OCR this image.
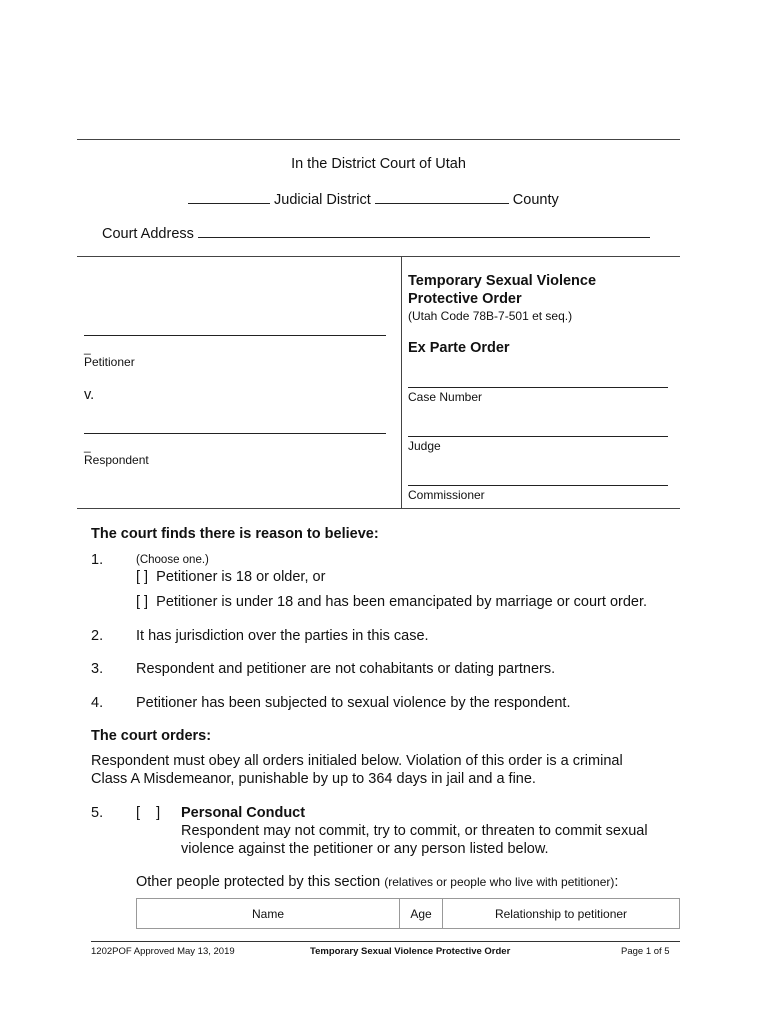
In the District Court of Utah
Judicial District	County
Court Address
_
Petitioner
v.
_
Respondent
Temporary Sexual Violence
Protective Order
(Utah Code 78B-7-501 et seq.)
Ex Parte Order
Case Number
Judge
Commissioner
The court finds there is reason to believe:
1.	(Choose one.)
[ ]  Petitioner is 18 or older, or
[ ]  Petitioner is under 18 and has been emancipated by marriage or court order.
2. It has jurisdiction over the parties in this case.
3. Respondent and petitioner are not cohabitants or dating partners.
4. Petitioner has been subjected to sexual violence by the respondent.
The court orders:
Respondent must obey all orders initialed below. Violation of this order is a criminal
Class A Misdemeanor, punishable by up to 364 days in jail and a fine.
5. [    ] Personal Conduct
Respondent may not commit, try to commit, or threaten to commit sexual
violence against the petitioner or any person listed below.
Other people protected by this section (relatives or people who live with petitioner):
Name	Age	Relationship to petitioner
1202POF Approved May 13, 2019	Temporary Sexual Violence Protective Order	Page 1 of 5
